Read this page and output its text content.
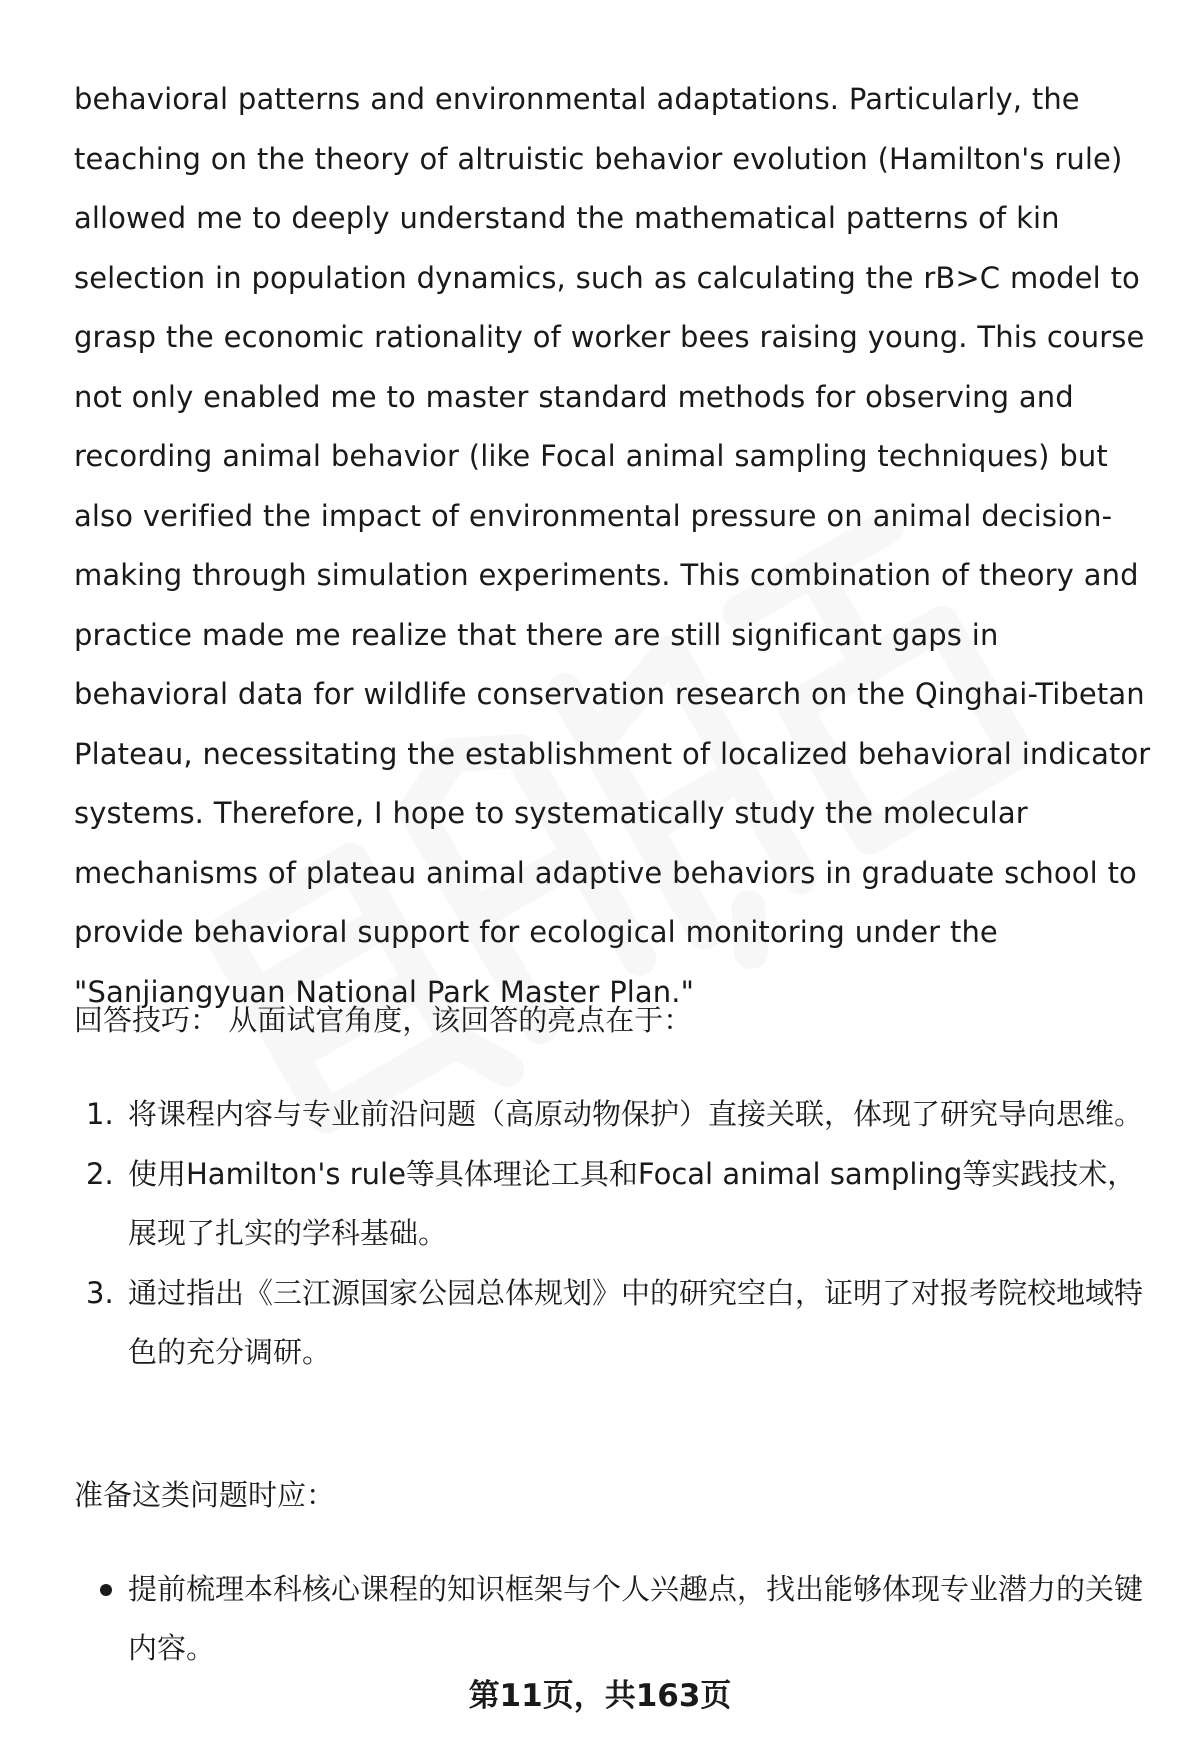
behavioral patterns and environmental adaptations. Particularly, the teaching on the theory of altruistic behavior evolution (Hamilton's rule) allowed me to deeply understand the mathematical patterns of kin selection in population dynamics, such as calculating the rB>C model to grasp the economic rationality of worker bees raising young. This course not only enabled me to master standard methods for observing and recording animal behavior (like Focal animal sampling techniques) but also verified the impact of environmental pressure on animal decision-making through simulation experiments. This combination of theory and practice made me realize that there are still significant gaps in behavioral data for wildlife conservation research on the Qinghai-Tibetan Plateau, necessitating the establishment of localized behavioral indicator systems. Therefore, I hope to systematically study the molecular mechanisms of plateau animal adaptive behaviors in graduate school to provide behavioral support for ecological monitoring under the "Sanjiangyuan National Park Master Plan."

回答技巧： 从面试官角度，该回答的亮点在于：

1. 将课程内容与专业前沿问题（高原动物保护）直接关联，体现了研究导向思维。
2. 使用Hamilton's rule等具体理论工具和Focal animal sampling等实践技术，展现了扎实的学科基础。
3. 通过指出《三江源国家公园总体规划》中的研究空白，证明了对报考院校地域特色的充分调研。

准备这类问题时应：

提前梳理本科核心课程的知识框架与个人兴趣点，找出能够体现专业潜力的关键内容。
第11页，共163页
